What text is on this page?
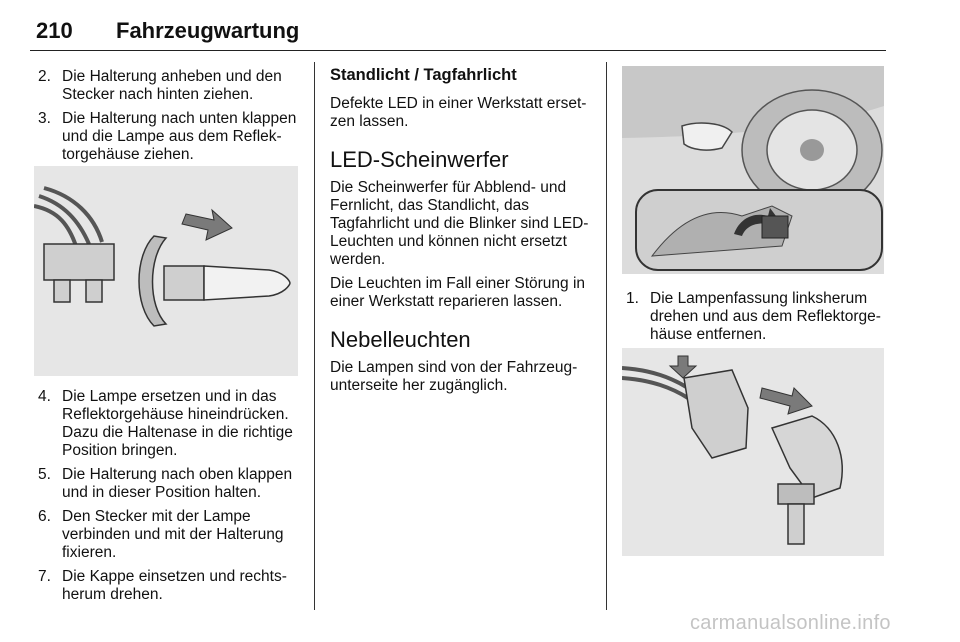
210 Fahrzeugwartung
2. Die Halterung anheben und den Stecker nach hinten ziehen.
3. Die Halterung nach unten klappen und die Lampe aus dem Reflek-torgehäuse ziehen.
4. Die Lampe ersetzen und in das Reflektorgehäuse hineindrücken. Dazu die Haltenase in die richtige Position bringen.
5. Die Halterung nach oben klappen und in dieser Position halten.
6. Den Stecker mit der Lampe verbinden und mit der Halterung fixieren.
7. Die Kappe einsetzen und rechts-herum drehen.
Standlicht / Tagfahrlicht

Defekte LED in einer Werkstatt erset-zen lassen.

LED-Scheinwerfer

Die Scheinwerfer für Abblend- und Fernlicht, das Standlicht, das Tagfahrlicht und die Blinker sind LED-Leuchten und können nicht ersetzt werden.

Die Leuchten im Fall einer Störung in einer Werkstatt reparieren lassen.

Nebelleuchten

Die Lampen sind von der Fahrzeug-unterseite her zugänglich.

1. Die Lampenfassung linksherum drehen und aus dem Reflektorge-häuse entfernen.
carmanualsonline.info
